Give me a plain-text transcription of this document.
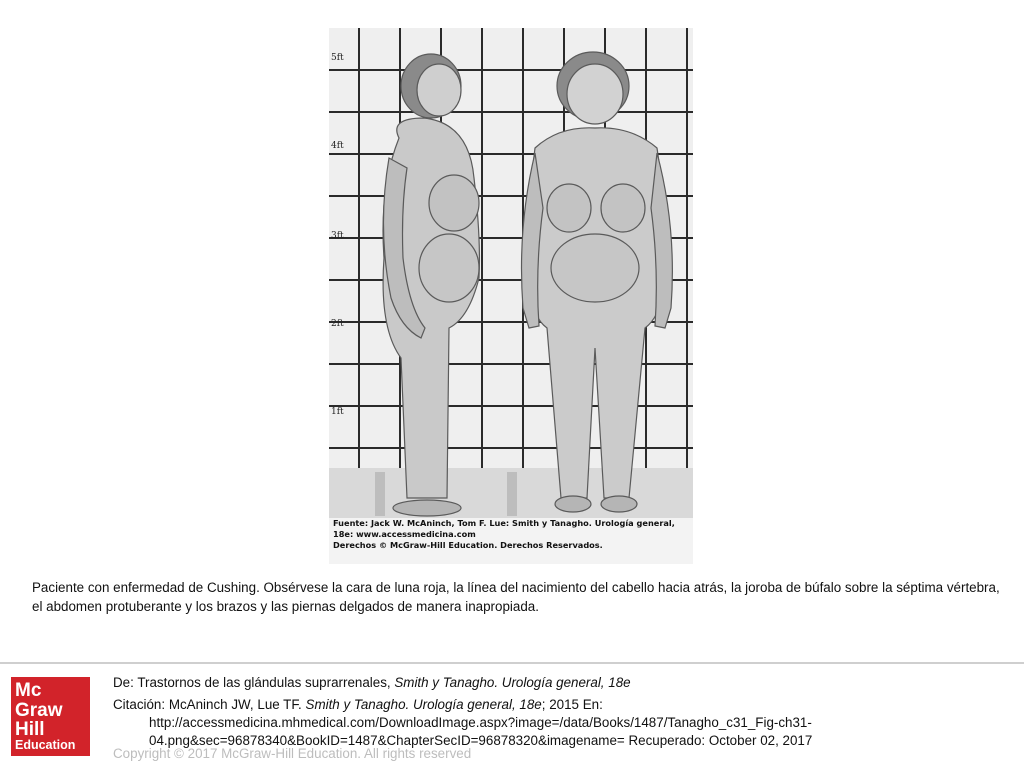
5ft
4ft
3ft
2ft
1ft
Fuente: Jack W. McAninch, Tom F. Lue: Smith y Tanagho. Urología general,
18e: www.accessmedicina.com
Derechos © McGraw-Hill Education. Derechos Reservados.
Paciente con enfermedad de Cushing. Obsérvese la cara de luna roja, la línea del nacimiento del cabello hacia atrás, la joroba de búfalo sobre la séptima vértebra, el abdomen protuberante y los brazos y las piernas delgados de manera inapropiada.
Mc
Graw
Hill
Education
De: Trastornos de las glándulas suprarrenales, Smith y Tanagho. Urología general, 18e
Citación: McAninch JW, Lue TF. Smith y Tanagho. Urología general, 18e; 2015 En:
http://accessmedicina.mhmedical.com/DownloadImage.aspx?image=/data/Books/1487/Tanagho_c31_Fig-ch31-
04.png&sec=96878340&BookID=1487&ChapterSecID=96878320&imagename= Recuperado: October 02, 2017
Copyright © 2017 McGraw-Hill Education. All rights reserved
